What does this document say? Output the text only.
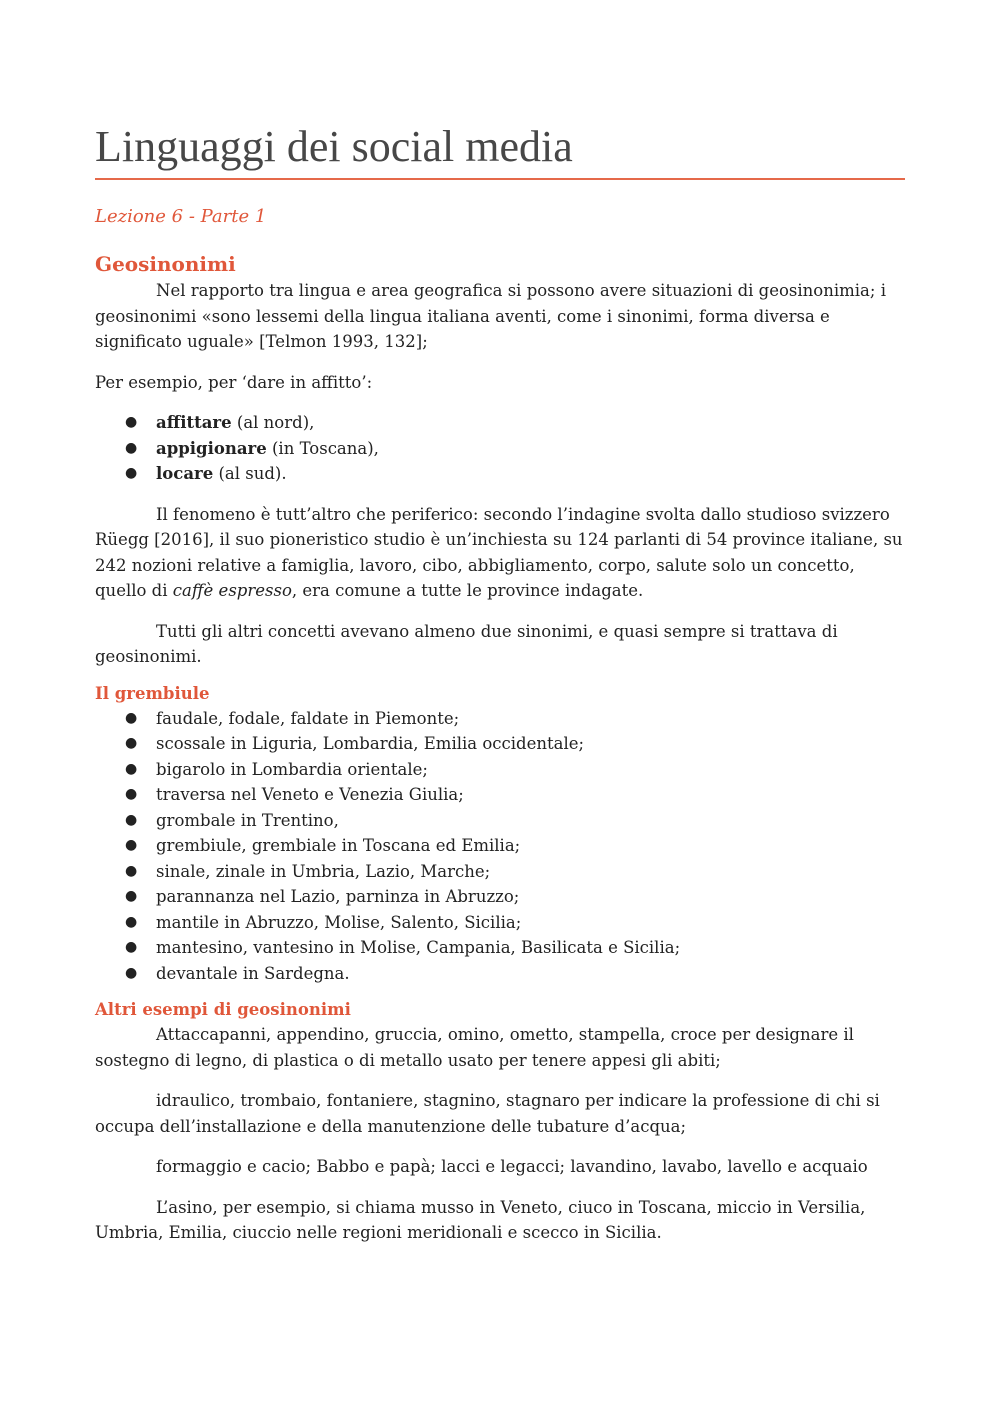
Linguaggi dei social media
Lezione 6 - Parte 1
Geosinonimi

Nel rapporto tra lingua e area geografica si possono avere situazioni di geosinonimia; i geosinonimi «sono lessemi della lingua italiana aventi, come i sinonimi, forma diversa e significato uguale» [Telmon 1993, 132];

Per esempio, per ‘dare in affitto’:

● affittare (al nord),
● appigionare (in Toscana),
● locare (al sud).

Il fenomeno è tutt’altro che periferico: secondo l’indagine svolta dallo studioso svizzero Rüegg [2016], il suo pioneristico studio è un’inchiesta su 124 parlanti di 54 province italiane, su 242 nozioni relative a famiglia, lavoro, cibo, abbigliamento, corpo, salute solo un concetto, quello di caffè espresso, era comune a tutte le province indagate.

Tutti gli altri concetti avevano almeno due sinonimi, e quasi sempre si trattava di geosinonimi.

Il grembiule
● faudale, fodale, faldate in Piemonte;
● scossale in Liguria, Lombardia, Emilia occidentale;
● bigarolo in Lombardia orientale;
● traversa nel Veneto e Venezia Giulia;
● grombale in Trentino,
● grembiule, grembiale in Toscana ed Emilia;
● sinale, zinale in Umbria, Lazio, Marche;
● parannanza nel Lazio, parninza in Abruzzo;
● mantile in Abruzzo, Molise, Salento, Sicilia;
● mantesino, vantesino in Molise, Campania, Basilicata e Sicilia;
● devantale in Sardegna.
Altri esempi di geosinonimi

Attaccapanni, appendino, gruccia, omino, ometto, stampella, croce per designare il sostegno di legno, di plastica o di metallo usato per tenere appesi gli abiti;

idraulico, trombaio, fontaniere, stagnino, stagnaro per indicare la professione di chi si occupa dell’installazione e della manutenzione delle tubature d’acqua;

formaggio e cacio; Babbo e papà; lacci e legacci; lavandino, lavabo, lavello e acquaio

L’asino, per esempio, si chiama musso in Veneto, ciuco in Toscana, miccio in Versilia, Umbria, Emilia, ciuccio nelle regioni meridionali e scecco in Sicilia.
